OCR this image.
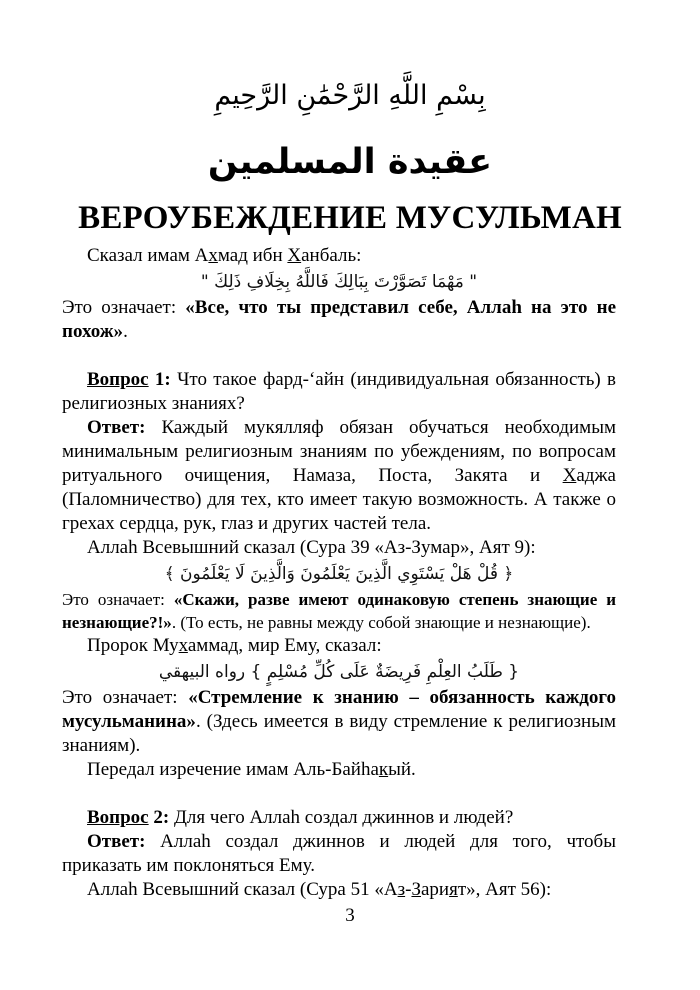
بِسْمِ اللَّهِ الرَّحْمَٰنِ الرَّحِيمِ
عقيدة المسلمين
ВЕРОУБЕЖДЕНИЕ МУСУЛЬМАН

Сказал имам Ахмад ибн Ханбаль:

" مَهْمَا تَصَوَّرْتَ بِبَالِكَ فَاللَّهُ بِخِلَافِ ذَلِكَ "

Это означает: «Все, что ты представил себе, Аллаh на это не похож».

Вопрос 1: Что такое фард-‘айн (индивидуальная обязанность) в религиозных знаниях?

Ответ: Каждый мукялляф обязан обучаться необходимым минимальным религиозным знаниям по убеждениям, по вопросам ритуального очищения, Намаза, Поста, Закята и Хаджа (Паломничество) для тех, кто имеет такую возможность. А также о грехах сердца, рук, глаз и других частей тела.

Аллаh Всевышний сказал (Сура 39 «Аз-Зумар», Аят 9):

﴿ قُلْ هَلْ يَسْتَوِي الَّذِينَ يَعْلَمُونَ وَالَّذِينَ لَا يَعْلَمُونَ ﴾

Это означает: «Скажи, разве имеют одинаковую степень знающие и незнающие?!». (То есть, не равны между собой знающие и незнающие).

Пророк Мухаммад, мир Ему, сказал:

{ طَلَبُ العِلْمِ فَرِيضَةٌ عَلَى كُلِّ مُسْلِمٍ } رواه البيهقي

Это означает: «Стремление к знанию – обязанность каждого мусульманина». (Здесь имеется в виду стремление к религиозным знаниям).

Передал изречение имам Аль-Байhакый.

Вопрос 2: Для чего Аллаh создал джиннов и людей?

Ответ: Аллаh создал джиннов и людей для того, чтобы приказать им поклоняться Ему.

Аллаh Всевышний сказал (Сура 51 «Аз-Зарият», Аят 56):

3
